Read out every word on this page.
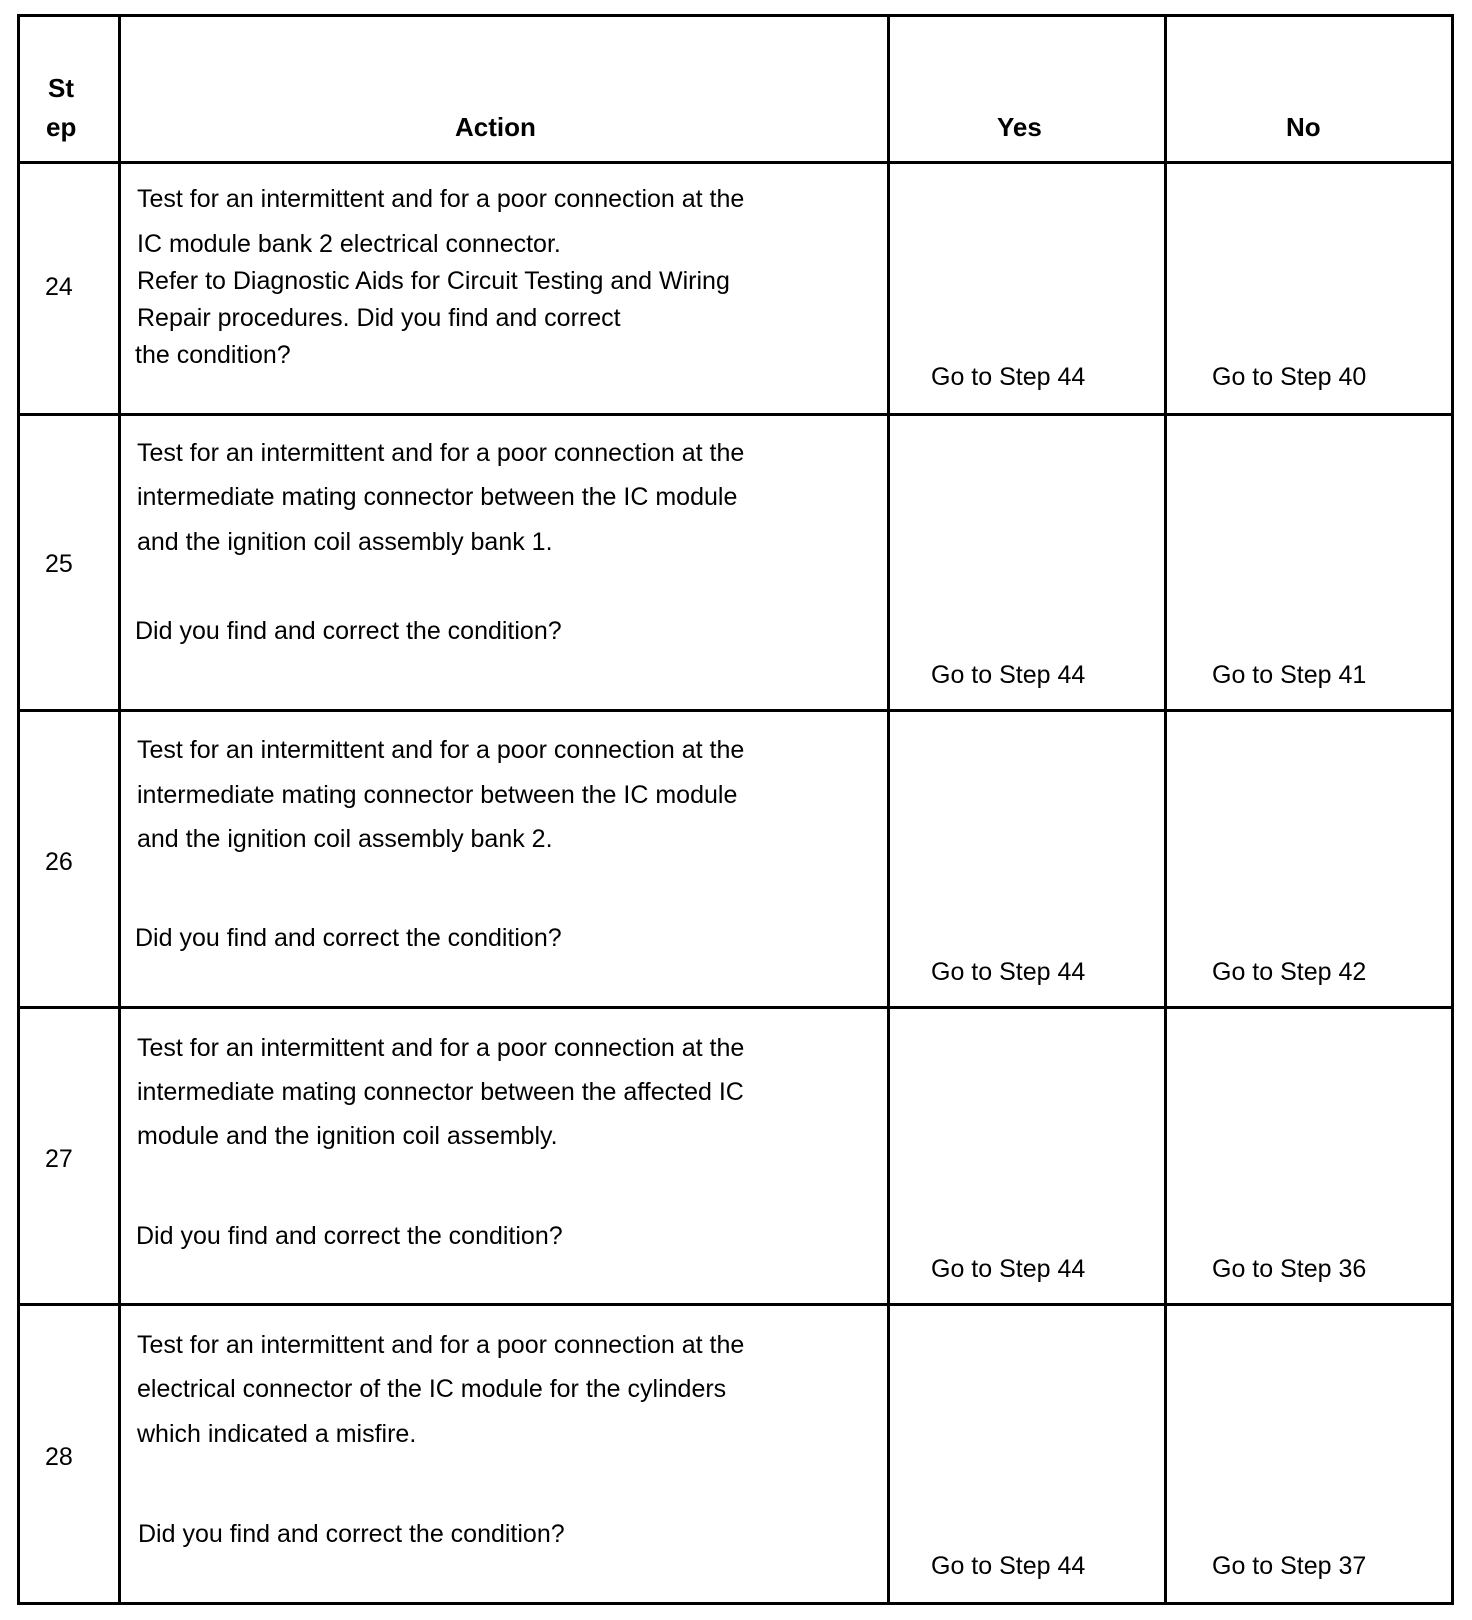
St
ep	Action	Yes	No
24

Test for an intermittent and for a poor connection at the

IC module bank 2 electrical connector.

Refer to Diagnostic Aids for Circuit Testing and Wiring

Repair procedures. Did you find and correct

the condition?

Go to Step 44	Go to Step 40
25

Test for an intermittent and for a poor connection at the

intermediate mating connector between the IC module

and the ignition coil assembly bank 1.

Did you find and correct the condition?

Go to Step 44	Go to Step 41
26

Test for an intermittent and for a poor connection at the

intermediate mating connector between the IC module

and the ignition coil assembly bank 2.

Did you find and correct the condition?

Go to Step 44	Go to Step 42
27

Test for an intermittent and for a poor connection at the

intermediate mating connector between the affected IC

module and the ignition coil assembly.

Did you find and correct the condition?

Go to Step 44	Go to Step 36
28

Test for an intermittent and for a poor connection at the

electrical connector of the IC module for the cylinders

which indicated a misfire.

Did you find and correct the condition?

Go to Step 44	Go to Step 37
